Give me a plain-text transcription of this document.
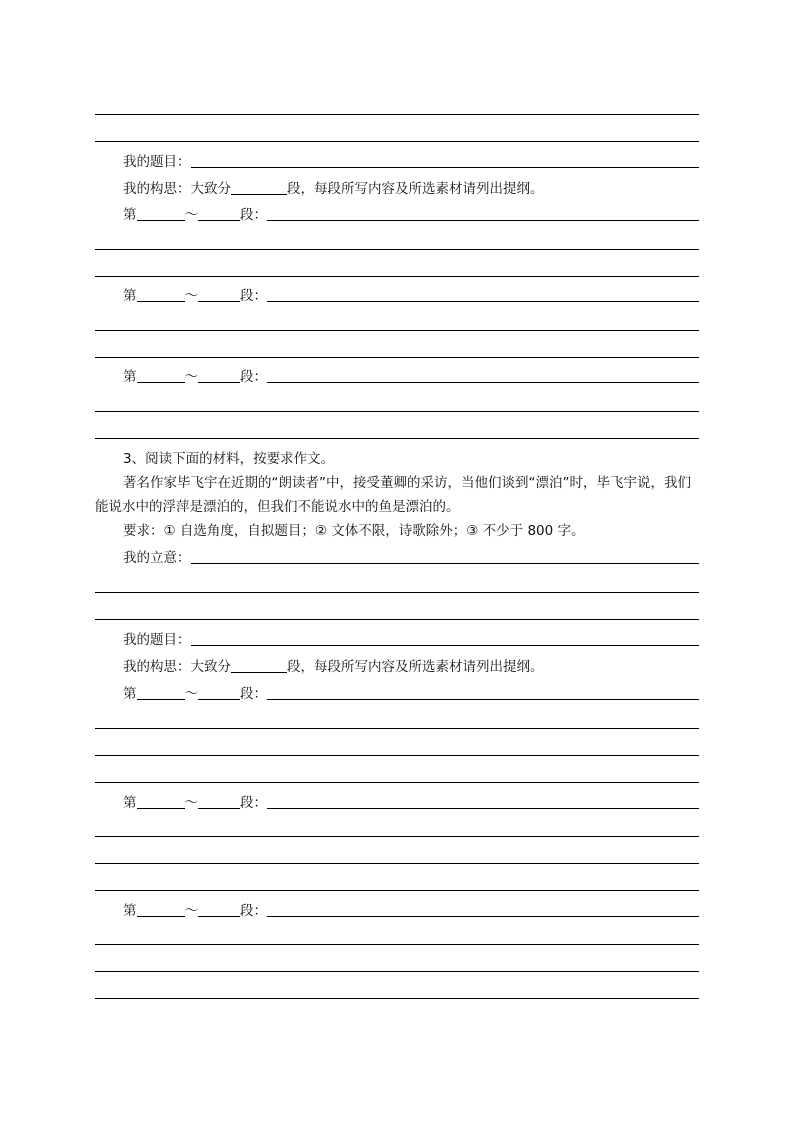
我的题目：
我的构思：大致分	段，每段所写内容及所选素材请列出提纲。
第	～	段：
第	～	段：
第	～	段：

3、阅读下面的材料，按要求作文。

著名作家毕飞宇在近期的“朗读者”中，接受董卿的采访，当他们谈到“漂泊”时，毕飞宇说，我们能说水中的浮萍是漂泊的，但我们不能说水中的鱼是漂泊的。

要求：① 自选角度，自拟题目；② 文体不限，诗歌除外；③ 不少于 800 字。

我的立意：
我的题目：
我的构思：大致分	段，每段所写内容及所选素材请列出提纲。
第	～	段：
第	～	段：
第	～	段：
